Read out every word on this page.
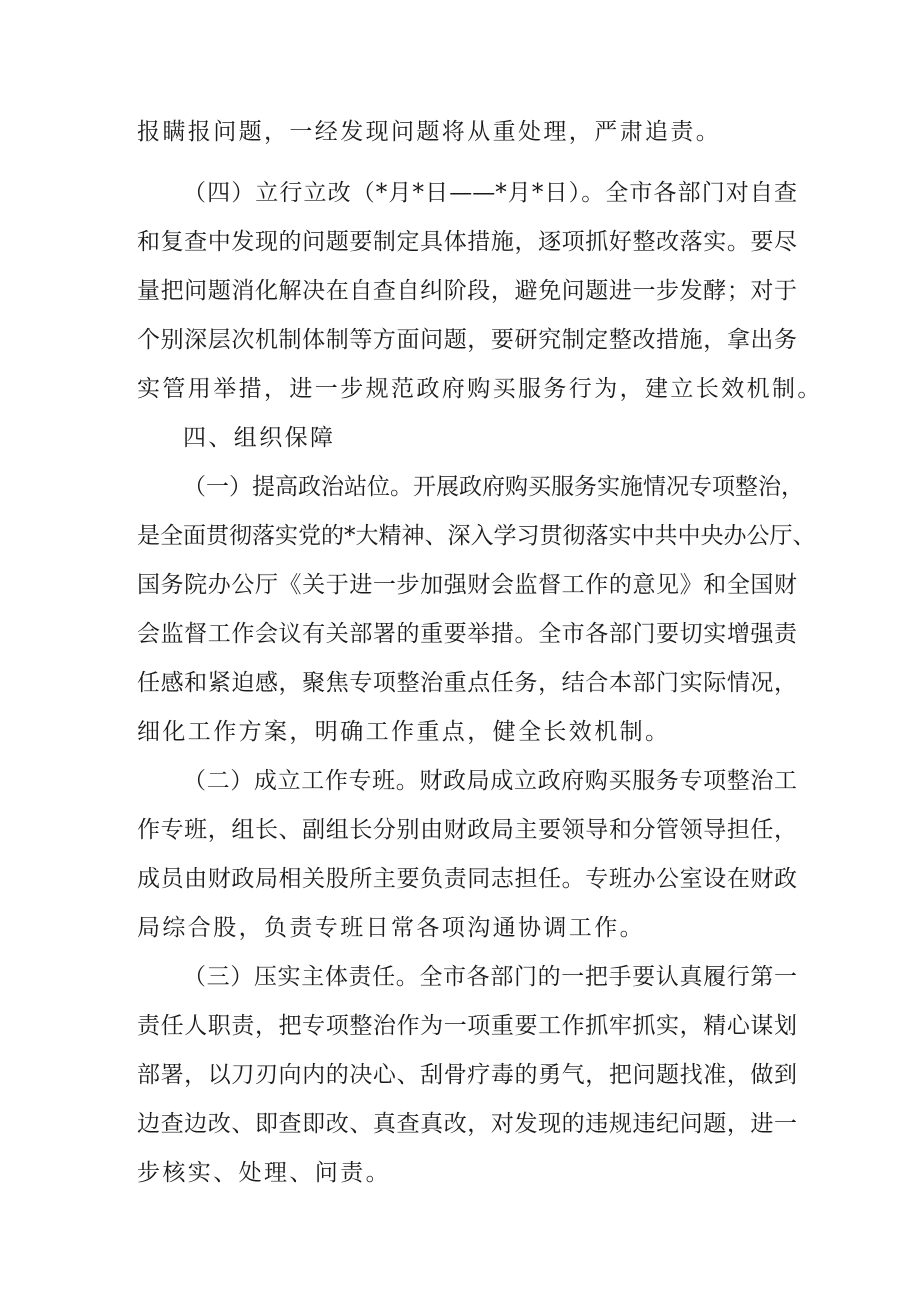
报瞒报问题，一经发现问题将从重处理，严肃追责。
（四）立行立改（*月*日——*月*日）。全市各部门对自查
和复查中发现的问题要制定具体措施，逐项抓好整改落实。要尽
量把问题消化解决在自查自纠阶段，避免问题进一步发酵；对于
个别深层次机制体制等方面问题，要研究制定整改措施，拿出务
实管用举措，进一步规范政府购买服务行为，建立长效机制。
四、组织保障
（一）提高政治站位。开展政府购买服务实施情况专项整治，
是全面贯彻落实党的*大精神、深入学习贯彻落实中共中央办公厅、
国务院办公厅《关于进一步加强财会监督工作的意见》和全国财
会监督工作会议有关部署的重要举措。全市各部门要切实增强责
任感和紧迫感，聚焦专项整治重点任务，结合本部门实际情况，
细化工作方案，明确工作重点，健全长效机制。
（二）成立工作专班。财政局成立政府购买服务专项整治工
作专班，组长、副组长分别由财政局主要领导和分管领导担任，
成员由财政局相关股所主要负责同志担任。专班办公室设在财政
局综合股，负责专班日常各项沟通协调工作。
（三）压实主体责任。全市各部门的一把手要认真履行第一
责任人职责，把专项整治作为一项重要工作抓牢抓实，精心谋划
部署，以刀刃向内的决心、刮骨疗毒的勇气，把问题找准，做到
边查边改、即查即改、真查真改，对发现的违规违纪问题，进一
步核实、处理、问责。
